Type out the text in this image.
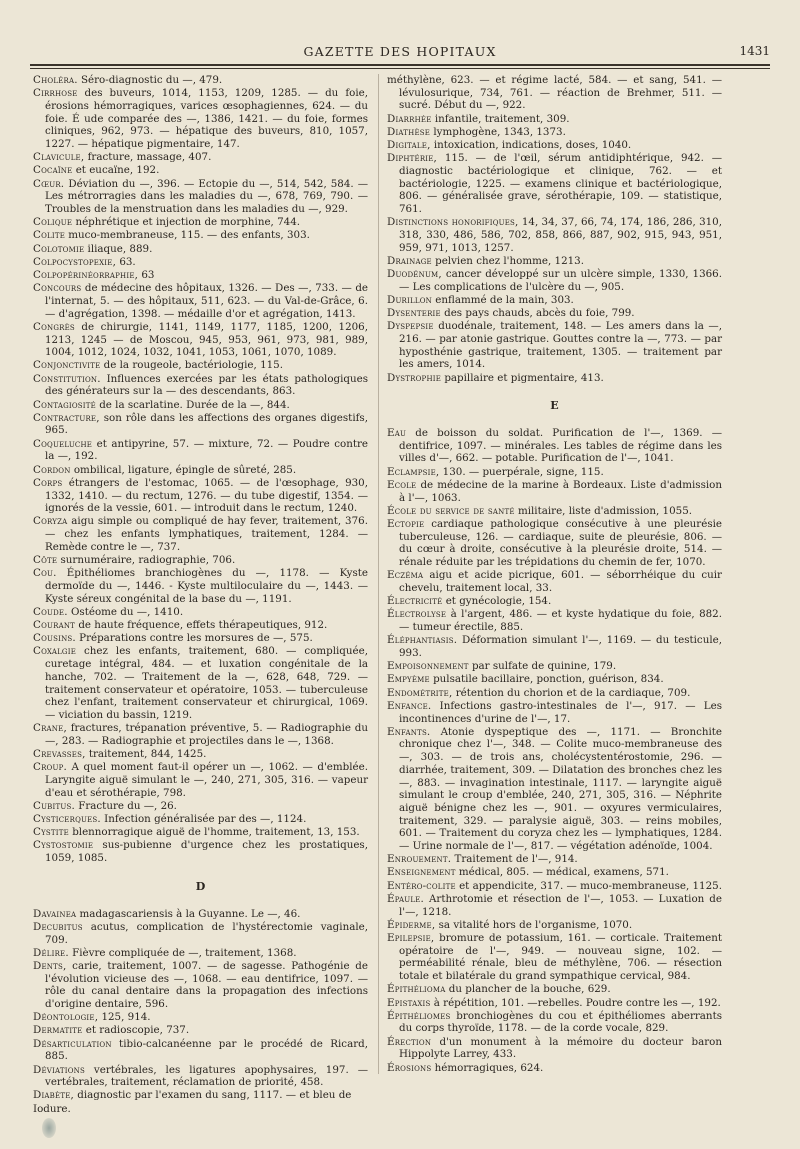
GAZETTE DES HOPITAUX	1431
Choléra. Séro-diagnostic du —, 479.
Cirrhose des buveurs, 1014, 1153, 1209, 1285. — du foie, érosions hémorragiques, varices œsophagiennes, 624. — du foie. É ude comparée des —, 1386, 1421. — du foie, formes cliniques, 962, 973. — hépatique des buveurs, 810, 1057, 1227. — hépatique pigmentaire, 147.
Clavicule, fracture, massage, 407.
Cocaïne et eucaïne, 192.
Cœur. Déviation du —, 396. — Ectopie du —, 514, 542, 584. — Les métrorragies dans les maladies du —, 678, 769, 790. — Troubles de la menstruation dans les maladies du —, 929.
Colique néphrétique et injection de morphine, 744.
Colite muco-membraneuse, 115. — des enfants, 303.
Colotomie iliaque, 889.
Colpocystopexie, 63.
Colpopérinéorraphie, 63
Concours de médecine des hôpitaux, 1326. — Des —, 733. — de l'internat, 5. — des hôpitaux, 511, 623. — du Val-de-Grâce, 6. — d'agrégation, 1398. — médaille d'or et agrégation, 1413.
Congrès de chirurgie, 1141, 1149, 1177, 1185, 1200, 1206, 1213, 1245 — de Moscou, 945, 953, 961, 973, 981, 989, 1004, 1012, 1024, 1032, 1041, 1053, 1061, 1070, 1089.
Conjonctivite de la rougeole, bactériologie, 115.
Constitution. Influences exercées par les états pathologiques des générateurs sur la — des descendants, 863.
Contagiosité de la scarlatine. Durée de la —, 844.
Contracture, son rôle dans les affections des organes digestifs, 965.
Coqueluche et antipyrine, 57. — mixture, 72. — Poudre contre la —, 192.
Cordon ombilical, ligature, épingle de sûreté, 285.
Corps étrangers de l'estomac, 1065. — de l'œsophage, 930, 1332, 1410. — du rectum, 1276. — du tube digestif, 1354. — ignorés de la vessie, 601. — introduit dans le rectum, 1240.
Coryza aigu simple ou compliqué de hay fever, traitement, 376. — chez les enfants lymphatiques, traitement, 1284. — Remède contre le —, 737.
Côte surnuméraire, radiographie, 706.
Cou. Épithéliomes branchiogènes du —, 1178. — Kyste dermoïde du —, 1446. - Kyste multiloculaire du —, 1443. — Kyste séreux congénital de la base du —, 1191.
Coude. Ostéome du —, 1410.
Courant de haute fréquence, effets thérapeutiques, 912.
Cousins. Préparations contre les morsures de —, 575.
Coxalgie chez les enfants, traitement, 680. — compliquée, curetage intégral, 484. — et luxation congénitale de la hanche, 702. — Traitement de la —, 628, 648, 729. — traitement conservateur et opératoire, 1053. — tuberculeuse chez l'enfant, traitement conservateur et chirurgical, 1069. — viciation du bassin, 1219.
Crane, fractures, trépanation préventive, 5. — Radiographie du —, 283. — Radiographie et projectiles dans le —, 1368.
Crevasses, traitement, 844, 1425.
Croup. A quel moment faut-il opérer un —, 1062. — d'emblée. Laryngite aiguë simulant le —, 240, 271, 305, 316. — vapeur d'eau et sérothérapie, 798.
Cubitus. Fracture du —, 26.
Cysticerques. Infection généralisée par des —, 1124.
Cystite blennorragique aiguë de l'homme, traitement, 13, 153.
Cystostomie sus-pubienne d'urgence chez les prostatiques, 1059, 1085.
D
Davainea madagascariensis à la Guyanne. Le —, 46.
Decubitus acutus, complication de l'hystérectomie vaginale, 709.
Délire. Fièvre compliquée de —, traitement, 1368.
Dents, carie, traitement, 1007. — de sagesse. Pathogénie de l'évolution vicieuse des —, 1068. — eau dentifrice, 1097. — rôle du canal dentaire dans la propagation des infections d'origine dentaire, 596.
Déontologie, 125, 914.
Dermatite et radioscopie, 737.
Désarticulation tibio-calcanéenne par le procédé de Ricard, 885.
Déviations vertébrales, les ligatures apophysaires, 197. — vertébrales, traitement, réclamation de priorité, 458.
Diabète, diagnostic par l'examen du sang, 1117. — et bleu de
Iodure.
méthylène, 623. — et régime lacté, 584. — et sang, 541. — lévulosurique, 734, 761. — réaction de Brehmer, 511. — sucré. Début du —, 922.
Diarrhée infantile, traitement, 309.
Diathèse lymphogène, 1343, 1373.
Digitale, intoxication, indications, doses, 1040.
Diphtérie, 115. — de l'œil, sérum antidiphtérique, 942. — diagnostic bactériologique et clinique, 762. — et bactériologie, 1225. — examens clinique et bactériologique, 806. — généralisée grave, sérothérapie, 109. — statistique, 761.
Distinctions honorifiques, 14, 34, 37, 66, 74, 174, 186, 286, 310, 318, 330, 486, 586, 702, 858, 866, 887, 902, 915, 943, 951, 959, 971, 1013, 1257.
Drainage pelvien chez l'homme, 1213.
Duodénum, cancer développé sur un ulcère simple, 1330, 1366. — Les complications de l'ulcère du —, 905.
Durillon enflammé de la main, 303.
Dysenterie des pays chauds, abcès du foie, 799.
Dyspepsie duodénale, traitement, 148. — Les amers dans la —, 216. — par atonie gastrique. Gouttes contre la —, 773. — par hyposthénie gastrique, traitement, 1305. — traitement par les amers, 1014.
Dystrophie papillaire et pigmentaire, 413.
E
Eau de boisson du soldat. Purification de l'—, 1369. — dentifrice, 1097. — minérales. Les tables de régime dans les villes d'—, 662. — potable. Purification de l'—, 1041.
Eclampsie, 130. — puerpérale, signe, 115.
Ecole de médecine de la marine à Bordeaux. Liste d'admission à l'—, 1063.
École du service de santé militaire, liste d'admission, 1055.
Ectopie cardiaque pathologique consécutive à une pleurésie tuberculeuse, 126. — cardiaque, suite de pleurésie, 806. — du cœur à droite, consécutive à la pleurésie droite, 514. — rénale réduite par les trépidations du chemin de fer, 1070.
Eczéma aigu et acide picrique, 601. — séborrhéique du cuir chevelu, traitement local, 33.
Électricité et gynécologie, 154.
Électrolyse à l'argent, 486. — et kyste hydatique du foie, 882. — tumeur érectile, 885.
Éléphantiasis. Déformation simulant l'—, 1169. — du testicule, 993.
Empoisonnement par sulfate de quinine, 179.
Empyème pulsatile bacillaire, ponction, guérison, 834.
Endométrite, rétention du chorion et de la cardiaque, 709.
Enfance. Infections gastro-intestinales de l'—, 917. — Les incontinences d'urine de l'—, 17.
Enfants. Atonie dyspeptique des —, 1171. — Bronchite chronique chez l'—, 348. — Colite muco-membraneuse des —, 303. — de trois ans, cholécystentérostomie, 296. — diarrhée, traitement, 309. — Dilatation des bronches chez les —, 883. — invagination intestinale, 1117. — laryngite aiguë simulant le croup d'emblée, 240, 271, 305, 316. — Néphrite aiguë bénigne chez les —, 901. — oxyures vermiculaires, traitement, 329. — paralysie aiguë, 303. — reins mobiles, 601. — Traitement du coryza chez les — lymphatiques, 1284. — Urine normale de l'—, 817. — végétation adénoïde, 1004.
Enrouement. Traitement de l'—, 914.
Enseignement médical, 805. — médical, examens, 571.
Entéro-colite et appendicite, 317. — muco-membraneuse, 1125.
Épaule. Arthrotomie et résection de l'—, 1053. — Luxation de l'—, 1218.
Épiderme, sa vitalité hors de l'organisme, 1070.
Epilepsie, bromure de potassium, 161. — corticale. Traitement opératoire de l'—, 949. — nouveau signe, 102. — perméabilité rénale, bleu de méthylène, 706. — résection totale et bilatérale du grand sympathique cervical, 984.
Épithélioma du plancher de la bouche, 629.
Epistaxis à répétition, 101. —rebelles. Poudre contre les —, 192.
Épithéliomes bronchiogènes du cou et épithéliomes aberrants du corps thyroïde, 1178. — de la corde vocale, 829.
Érection d'un monument à la mémoire du docteur baron Hippolyte Larrey, 433.
Érosions hémorragiques, 624.
